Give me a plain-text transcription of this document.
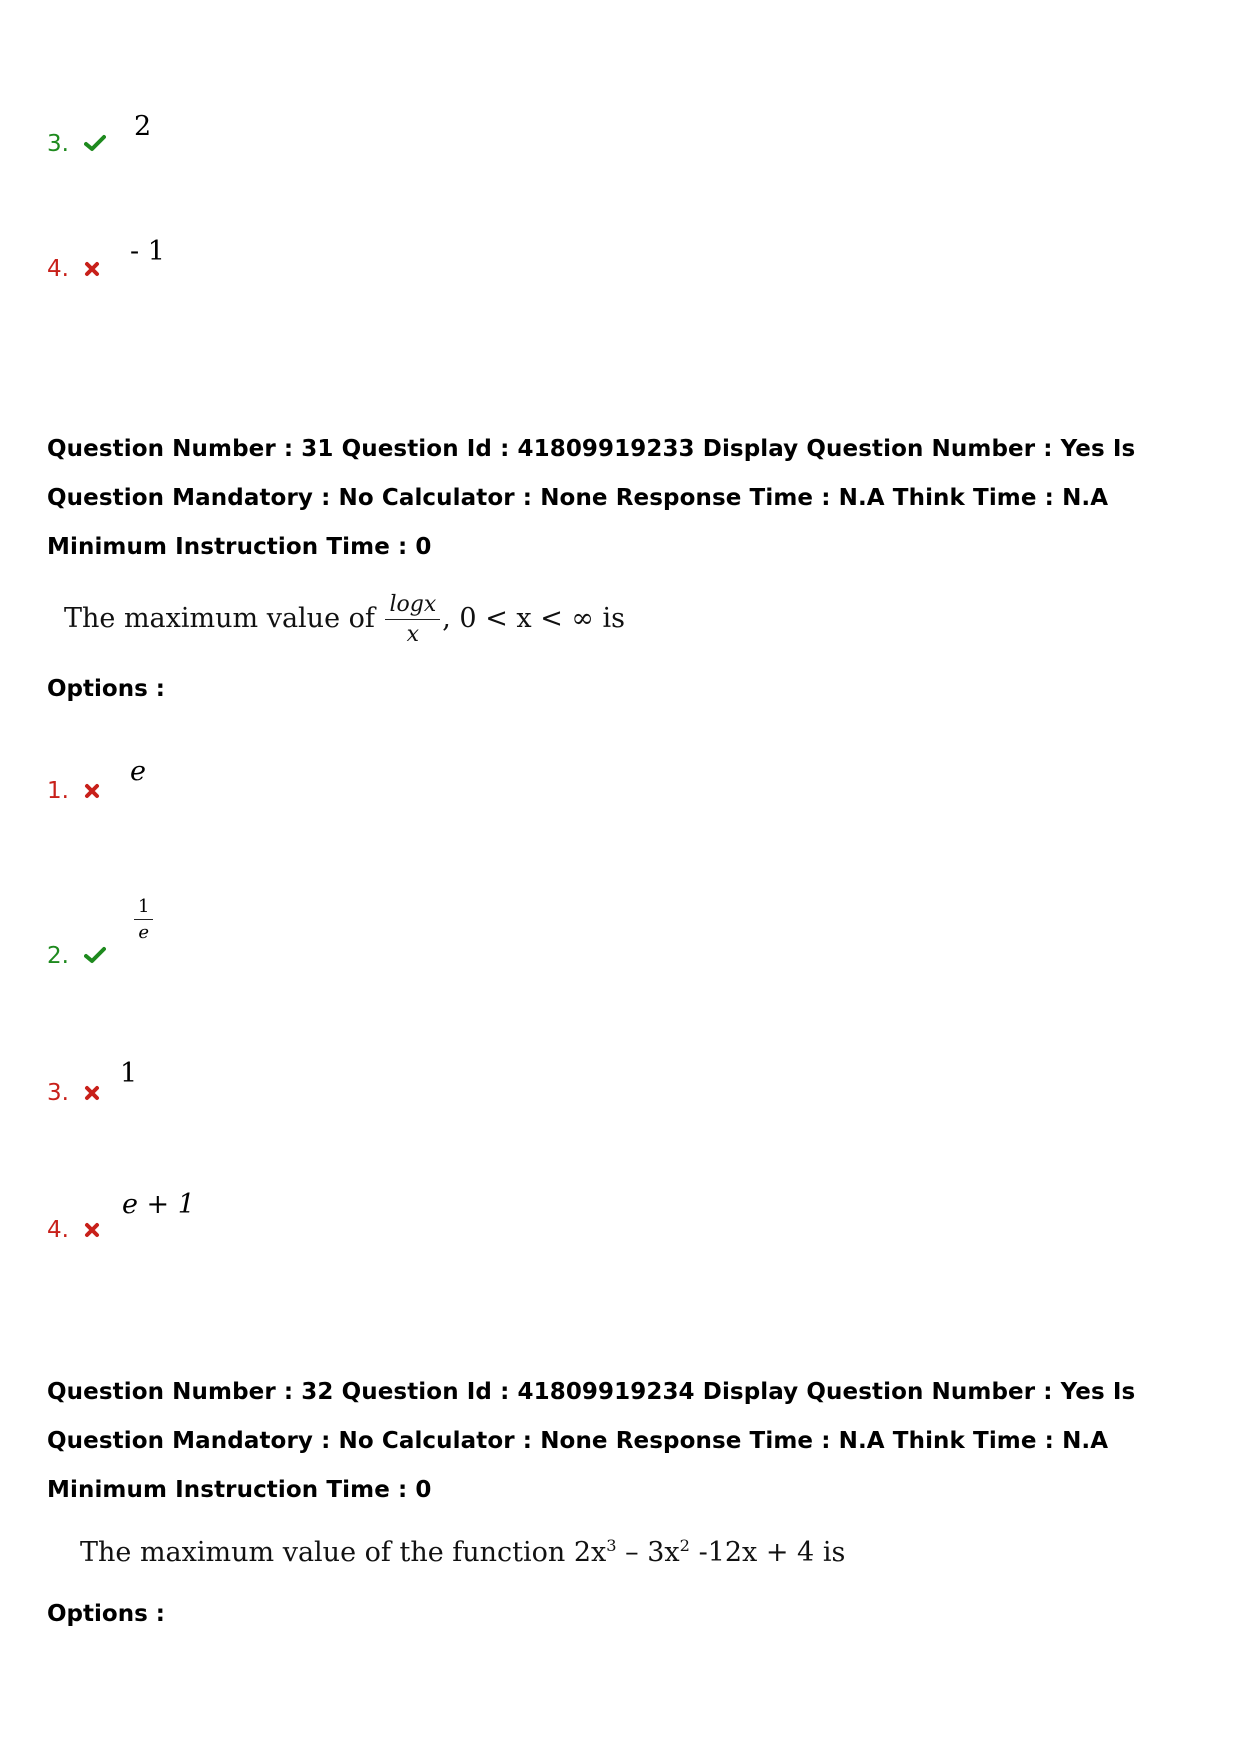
3.
2
4.
- 1
Question Number : 31 Question Id : 41809919233 Display Question Number : Yes Is Question Mandatory : No Calculator : None Response Time : N.A Think Time : N.A Minimum Instruction Time : 0
The maximum value of $\frac{\log x}{x}$ , 0 < x < ∞ is
Options :
1.
e
2.
$\frac{1}{e}$
3.
1
4.
e + 1
Question Number : 32 Question Id : 41809919234 Display Question Number : Yes Is Question Mandatory : No Calculator : None Response Time : N.A Think Time : N.A Minimum Instruction Time : 0
The maximum value of the function $2x^3 - 3x^2$ -12x + 4 is
Options :
